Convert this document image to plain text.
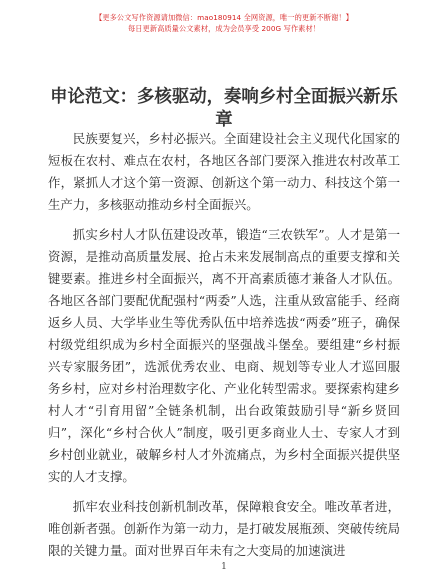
【更多公文写作资源请加微信：mao180914 全网资源，唯一的更新不断谢！】
每日更新高质量公文素材，成为会员享受 200G 写作素材！
申论范文：多核驱动，奏响乡村全面振兴新乐章

民族要复兴，乡村必振兴。全面建设社会主义现代化国家的短板在农村、难点在农村，各地区各部门要深入推进农村改革工作，紧抓人才这个第一资源、创新这个第一动力、科技这个第一生产力，多核驱动推动乡村全面振兴。

抓实乡村人才队伍建设改革，锻造“三农铁军”。人才是第一资源，是推动高质量发展、抢占未来发展制高点的重要支撑和关键要素。推进乡村全面振兴，离不开高素质德才兼备人才队伍。各地区各部门要配优配强村“两委”人选，注重从致富能手、经商返乡人员、大学毕业生等优秀队伍中培养选拔“两委”班子，确保村级党组织成为乡村全面振兴的坚强战斗堡垒。要组建“乡村振兴专家服务团”，选派优秀农业、电商、规划等专业人才巡回服务乡村，应对乡村治理数字化、产业化转型需求。要探索构建乡村人才“引育用留”全链条机制，出台政策鼓励引导“新乡贤回归”，深化“乡村合伙人”制度，吸引更多商业人士、专家人才到乡村创业就业，破解乡村人才外流痛点，为乡村全面振兴提供坚实的人才支撑。

抓牢农业科技创新机制改革，保障粮食安全。唯改革者进，唯创新者强。创新作为第一动力，是打破发展瓶颈、突破传统局限的关键力量。面对世界百年未有之大变局的加速演进

1
